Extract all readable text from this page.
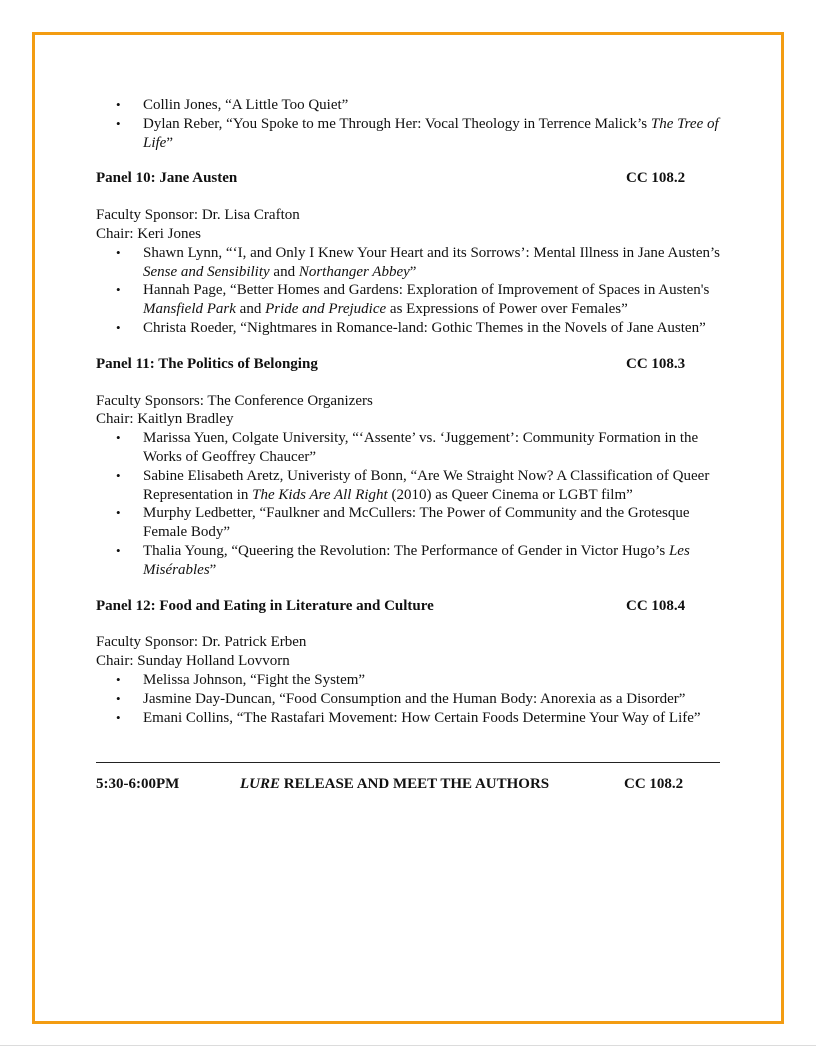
• Collin Jones, “A Little Too Quiet”
• Dylan Reber, “You Spoke to me Through Her: Vocal Theology in Terrence Malick’s The Tree of Life”
Panel 10: Jane Austen	CC 108.2
Faculty Sponsor: Dr. Lisa Crafton
Chair: Keri Jones
• Shawn Lynn, “‘I, and Only I Knew Your Heart and its Sorrows’: Mental Illness in Jane Austen’s Sense and Sensibility and Northanger Abbey”
• Hannah Page, “Better Homes and Gardens: Exploration of Improvement of Spaces in Austen's Mansfield Park and Pride and Prejudice as Expressions of Power over Females”
• Christa Roeder, “Nightmares in Romance-land: Gothic Themes in the Novels of Jane Austen”
Panel 11: The Politics of Belonging	CC 108.3
Faculty Sponsors: The Conference Organizers
Chair: Kaitlyn Bradley
• Marissa Yuen, Colgate University, “‘Assente’ vs. ‘Juggement’: Community Formation in the Works of Geoffrey Chaucer”
• Sabine Elisabeth Aretz, Univeristy of Bonn, “Are We Straight Now? A Classification of Queer Representation in The Kids Are All Right (2010) as Queer Cinema or LGBT film”
• Murphy Ledbetter, “Faulkner and McCullers: The Power of Community and the Grotesque Female Body”
• Thalia Young, “Queering the Revolution: The Performance of Gender in Victor Hugo’s Les Misérables”
Panel 12: Food and Eating in Literature and Culture	CC 108.4
Faculty Sponsor: Dr. Patrick Erben
Chair: Sunday Holland Lovvorn
• Melissa Johnson, “Fight the System”
• Jasmine Day-Duncan, “Food Consumption and the Human Body: Anorexia as a Disorder”
• Emani Collins, “The Rastafari Movement: How Certain Foods Determine Your Way of Life”
5:30-6:00PM	LURE RELEASE AND MEET THE AUTHORS	CC 108.2
